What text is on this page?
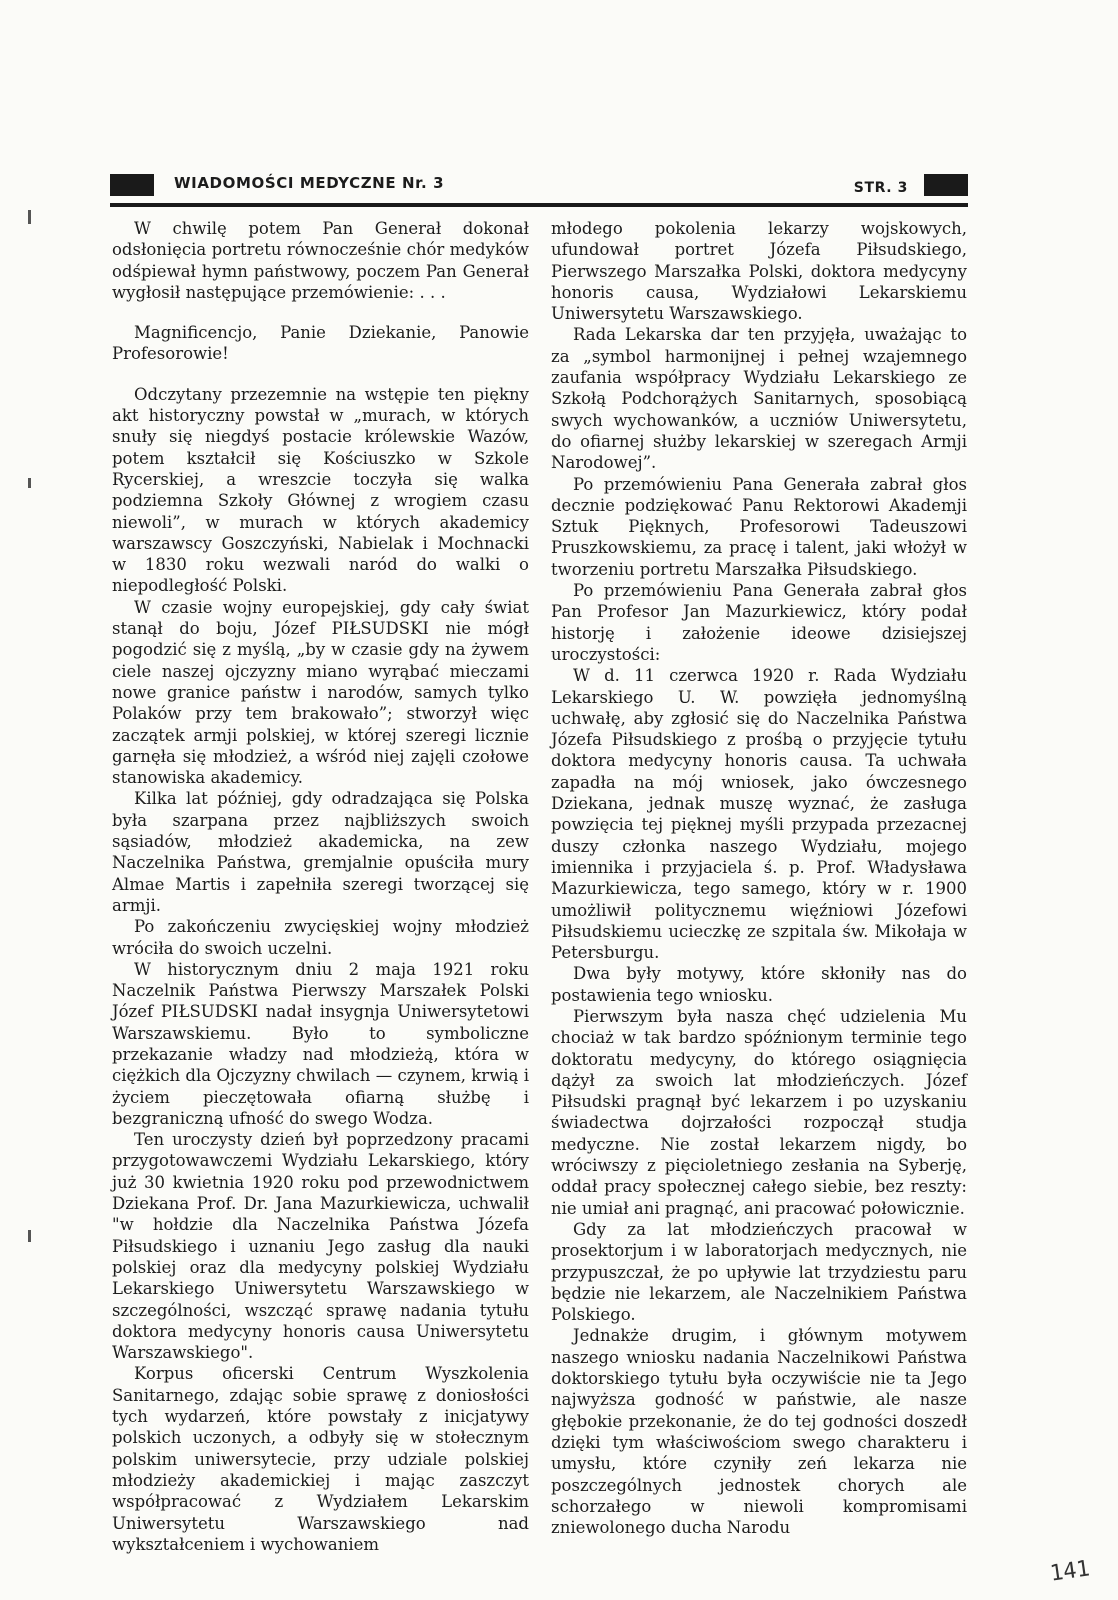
WIADOMOŚCI MEDYCZNE Nr. 3	STR. 3

W chwilę potem Pan Generał dokonał odsłonięcia portretu równocześnie chór medyków odśpiewał hymn państwowy, poczem Pan Generał wygłosił następujące przemówienie: . . .

Magnificencjo, Panie Dziekanie, Panowie Profesorowie!

Odczytany przezemnie na wstępie ten piękny akt historyczny powstał w „murach, w których snuły się niegdyś postacie królewskie Wazów, potem kształcił się Kościuszko w Szkole Rycerskiej, a wreszcie toczyła się walka podziemna Szkoły Głównej z wrogiem czasu niewoli”, w murach w których akademicy warszawscy Goszczyński, Nabielak i Mochnacki w 1830 roku wezwali naród do walki o niepodległość Polski.

W czasie wojny europejskiej, gdy cały świat stanął do boju, Józef PIŁSUDSKI nie mógł pogodzić się z myślą, „by w czasie gdy na żywem ciele naszej ojczyzny miano wyrąbać mieczami nowe granice państw i narodów, samych tylko Polaków przy tem brakowało”; stworzył więc zaczątek armji polskiej, w której szeregi licznie garnęła się młodzież, a wśród niej zajęli czołowe stanowiska akademicy.

Kilka lat później, gdy odradzająca się Polska była szarpana przez najbliższych swoich sąsiadów, młodzież akademicka, na zew Naczelnika Państwa, gremjalnie opuściła mury Almae Martis i zapełniła szeregi tworzącej się armji.

Po zakończeniu zwycięskiej wojny młodzież wróciła do swoich uczelni.

W historycznym dniu 2 maja 1921 roku Naczelnik Państwa Pierwszy Marszałek Polski Józef PIŁSUDSKI nadał insygnja Uniwersytetowi Warszawskiemu. Było to symboliczne przekazanie władzy nad młodzieżą, która w ciężkich dla Ojczyzny chwilach — czynem, krwią i życiem pieczętowała ofiarną służbę i bezgraniczną ufność do swego Wodza.

Ten uroczysty dzień był poprzedzony pracami przygotowawczemi Wydziału Lekarskiego, który już 30 kwietnia 1920 roku pod przewodnictwem Dziekana Prof. Dr. Jana Mazurkiewicza, uchwalił "w hołdzie dla Naczelnika Państwa Józefa Piłsudskiego i uznaniu Jego zasług dla nauki polskiej oraz dla medycyny polskiej Wydziału Lekarskiego Uniwersytetu Warszawskiego w szczególności, wszcząć sprawę nadania tytułu doktora medycyny honoris causa Uniwersytetu Warszawskiego".

Korpus oficerski Centrum Wyszkolenia Sanitarnego, zdając sobie sprawę z doniosłości tych wydarzeń, które powstały z inicjatywy polskich uczonych, a odbyły się w stołecznym polskim uniwersytecie, przy udziale polskiej młodzieży akademickiej i mając zaszczyt współpracować z Wydziałem Lekarskim Uniwersytetu Warszawskiego nad wykształceniem i wychowaniem

młodego pokolenia lekarzy wojskowych, ufundował portret Józefa Piłsudskiego, Pierwszego Marszałka Polski, doktora medycyny honoris causa, Wydziałowi Lekarskiemu Uniwersytetu Warszawskiego.

Rada Lekarska dar ten przyjęła, uważając to za „symbol harmonijnej i pełnej wzajemnego zaufania współpracy Wydziału Lekarskiego ze Szkołą Podchorążych Sanitarnych, sposobiącą swych wychowanków, a uczniów Uniwersytetu, do ofiarnej służby lekarskiej w szeregach Armji Narodowej”.

Po przemówieniu Pana Generała zabrał głos decznie podziękować Panu Rektorowi Akademji Sztuk Pięknych, Profesorowi Tadeuszowi Pruszkowskiemu, za pracę i talent, jaki włożył w tworzeniu portretu Marszałka Piłsudskiego.

Po przemówieniu Pana Generała zabrał głos Pan Profesor Jan Mazurkiewicz, który podał historję i założenie ideowe dzisiejszej uroczystości:

W d. 11 czerwca 1920 r. Rada Wydziału Lekarskiego U. W. powzięła jednomyślną uchwałę, aby zgłosić się do Naczelnika Państwa Józefa Piłsudskiego z prośbą o przyjęcie tytułu doktora medycyny honoris causa. Ta uchwała zapadła na mój wniosek, jako ówczesnego Dziekana, jednak muszę wyznać, że zasługa powzięcia tej pięknej myśli przypada przezacnej duszy członka naszego Wydziału, mojego imiennika i przyjaciela ś. p. Prof. Władysława Mazurkiewicza, tego samego, który w r. 1900 umożliwił politycznemu więźniowi Józefowi Piłsudskiemu ucieczkę ze szpitala św. Mikołaja w Petersburgu.

Dwa były motywy, które skłoniły nas do postawienia tego wniosku.

Pierwszym była nasza chęć udzielenia Mu chociaż w tak bardzo spóźnionym terminie tego doktoratu medycyny, do którego osiągnięcia dążył za swoich lat młodzieńczych. Józef Piłsudski pragnął być lekarzem i po uzyskaniu świadectwa dojrzałości rozpoczął studja medyczne. Nie został lekarzem nigdy, bo wróciwszy z pięcioletniego zesłania na Syberję, oddał pracy społecznej całego siebie, bez reszty: nie umiał ani pragnąć, ani pracować połowicznie.

Gdy za lat młodzieńczych pracował w prosektorjum i w laboratorjach medycznych, nie przypuszczał, że po upływie lat trzydziestu paru będzie nie lekarzem, ale Naczelnikiem Państwa Polskiego.

Jednakże drugim, i głównym motywem naszego wniosku nadania Naczelnikowi Państwa doktorskiego tytułu była oczywiście nie ta Jego najwyższa godność w państwie, ale nasze głębokie przekonanie, że do tej godności doszedł dzięki tym właściwościom swego charakteru i umysłu, które czyniły zeń lekarza nie poszczególnych jednostek chorych ale schorzałego w niewoli kompromisami zniewolonego ducha Narodu

141
